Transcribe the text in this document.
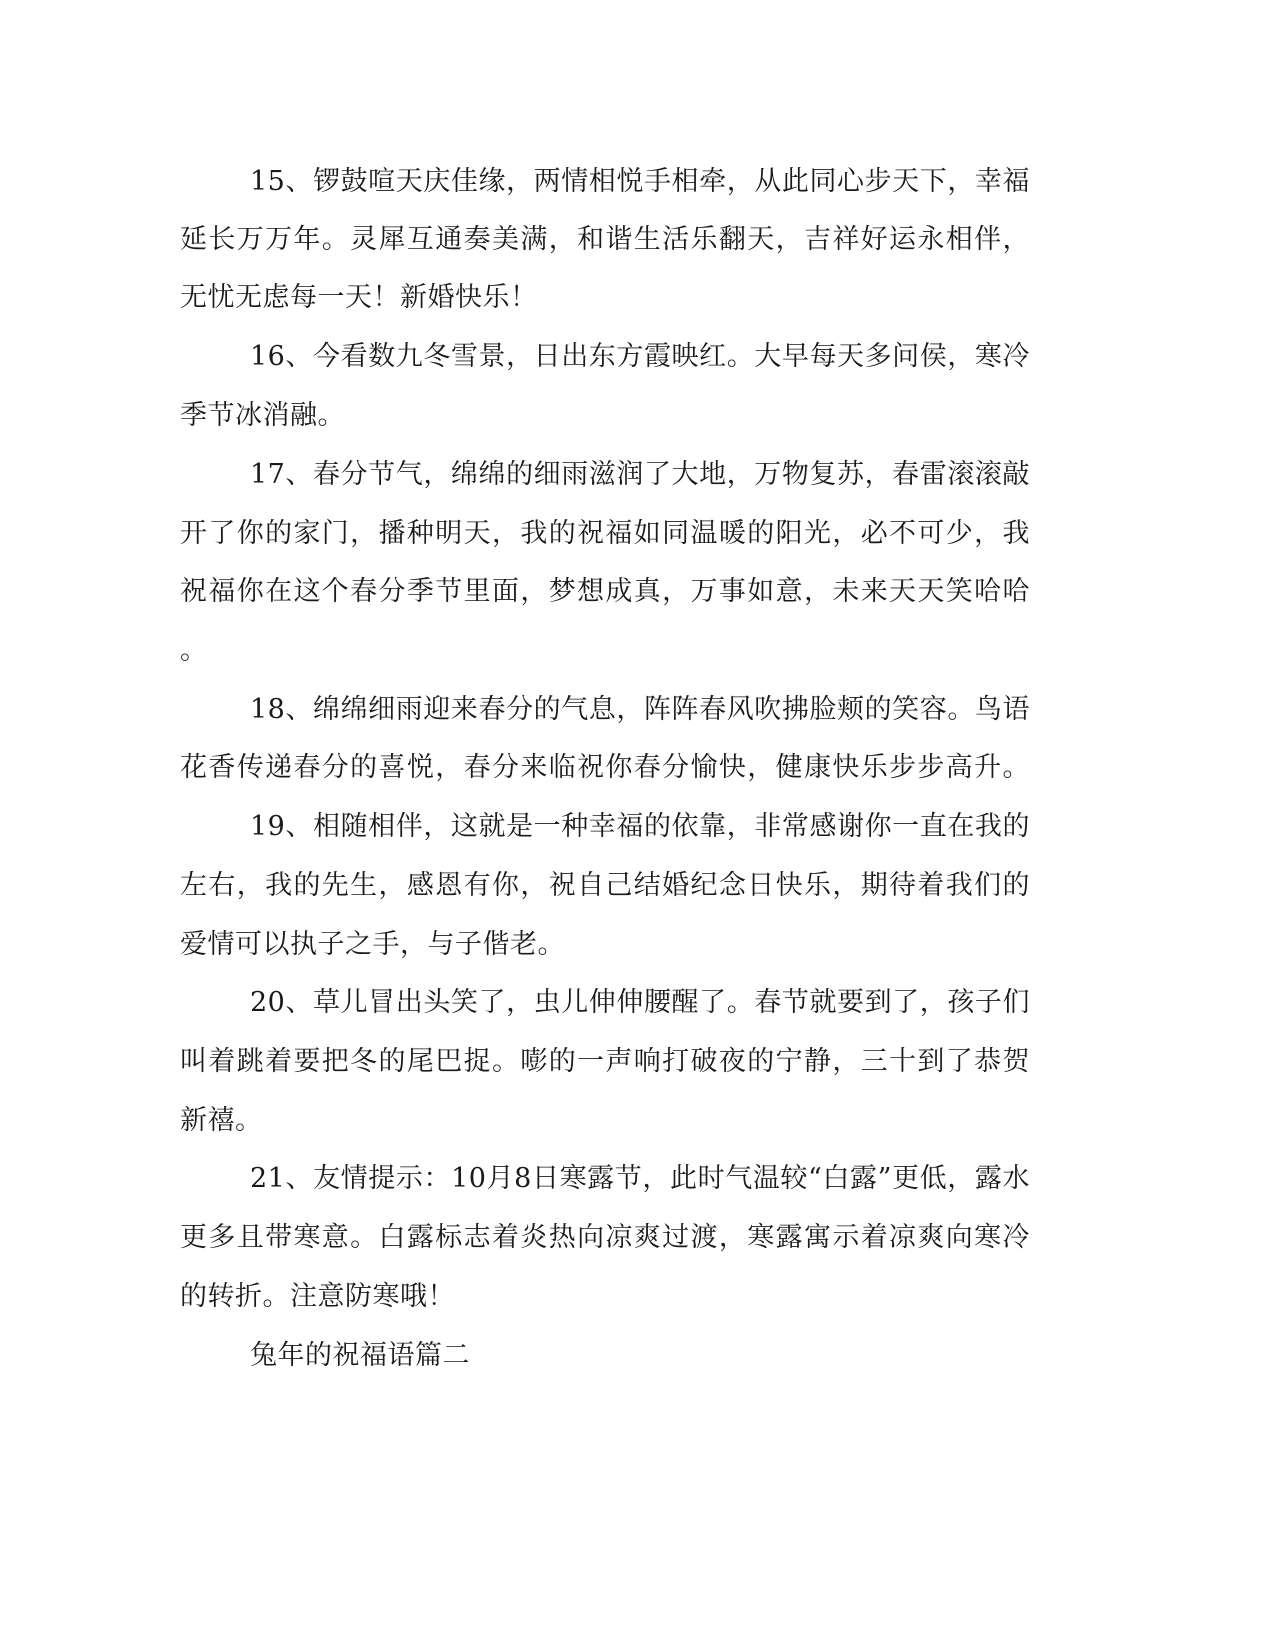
15、锣鼓喧天庆佳缘，两情相悦手相牵，从此同心步天下，幸福
延长万万年。灵犀互通奏美满，和谐生活乐翻天，吉祥好运永相伴，
无忧无虑每一天！新婚快乐！
16、今看数九冬雪景，日出东方霞映红。大早每天多问侯，寒冷
季节冰消融。
17、春分节气，绵绵的细雨滋润了大地，万物复苏，春雷滚滚敲
开了你的家门，播种明天，我的祝福如同温暖的阳光，必不可少，我
祝福你在这个春分季节里面，梦想成真，万事如意，未来天天笑哈哈
。
18、绵绵细雨迎来春分的气息，阵阵春风吹拂脸颊的笑容。鸟语
花香传递春分的喜悦，春分来临祝你春分愉快，健康快乐步步高升。
19、相随相伴，这就是一种幸福的依靠，非常感谢你一直在我的
左右，我的先生，感恩有你，祝自己结婚纪念日快乐，期待着我们的
爱情可以执子之手，与子偕老。
20、草儿冒出头笑了，虫儿伸伸腰醒了。春节就要到了，孩子们
叫着跳着要把冬的尾巴捉。嘭的一声响打破夜的宁静，三十到了恭贺
新禧。
21、友情提示：10月8日寒露节，此时气温较“白露”更低，露水
更多且带寒意。白露标志着炎热向凉爽过渡，寒露寓示着凉爽向寒冷
的转折。注意防寒哦！
兔年的祝福语篇二
